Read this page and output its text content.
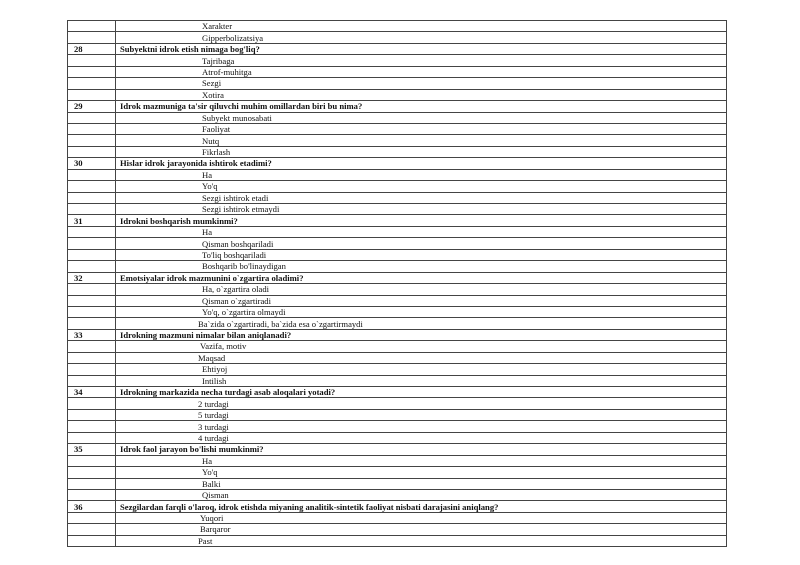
	Xarakter
	Gipperbolizatsiya
28	Subyektni idrok etish nimaga bog'liq?
	Tajribaga
	Atrof-muhitga
	Sezgi
	Xotira
29	Idrok mazmuniga ta'sir qiluvchi muhim omillardan biri bu nima?
	Subyekt munosabati
	Faoliyat
	Nutq
	Fikrlash
30	Hislar idrok jarayonida ishtirok etadimi?
	Ha
	Yo'q
	Sezgi ishtirok etadi
	Sezgi ishtirok etmaydi
31	Idrokni boshqarish mumkinmi?
	Ha
	Qisman boshqariladi
	To'liq boshqariladi
	Boshqarib bo'linaydigan
32	Emotsiyalar idrok mazmunini o`zgartira oladimi?
	Ha, o`zgartira oladi
	Qisman o`zgartiradi
	Yo'q, o`zgartira olmaydi
	Ba`zida o`zgartiradi, ba`zida esa o`zgartirmaydi
33	Idrokning mazmuni nimalar bilan aniqlanadi?
	Vazifa, motiv
	Maqsad
	Ehtiyoj
	Intilish
34	Idrokning markazida necha turdagi asab aloqalari yotadi?
	2 turdagi
	5 turdagi
	3 turdagi
	4 turdagi
35	Idrok faol jarayon bo'lishi mumkinmi?
	Ha
	Yo'q
	Balki
	Qisman
36	Sezgilardan farqli o'laroq, idrok etishda miyaning analitik-sintetik faoliyat nisbati darajasini aniqlang?
	Yuqori
	Barqaror
	Past
